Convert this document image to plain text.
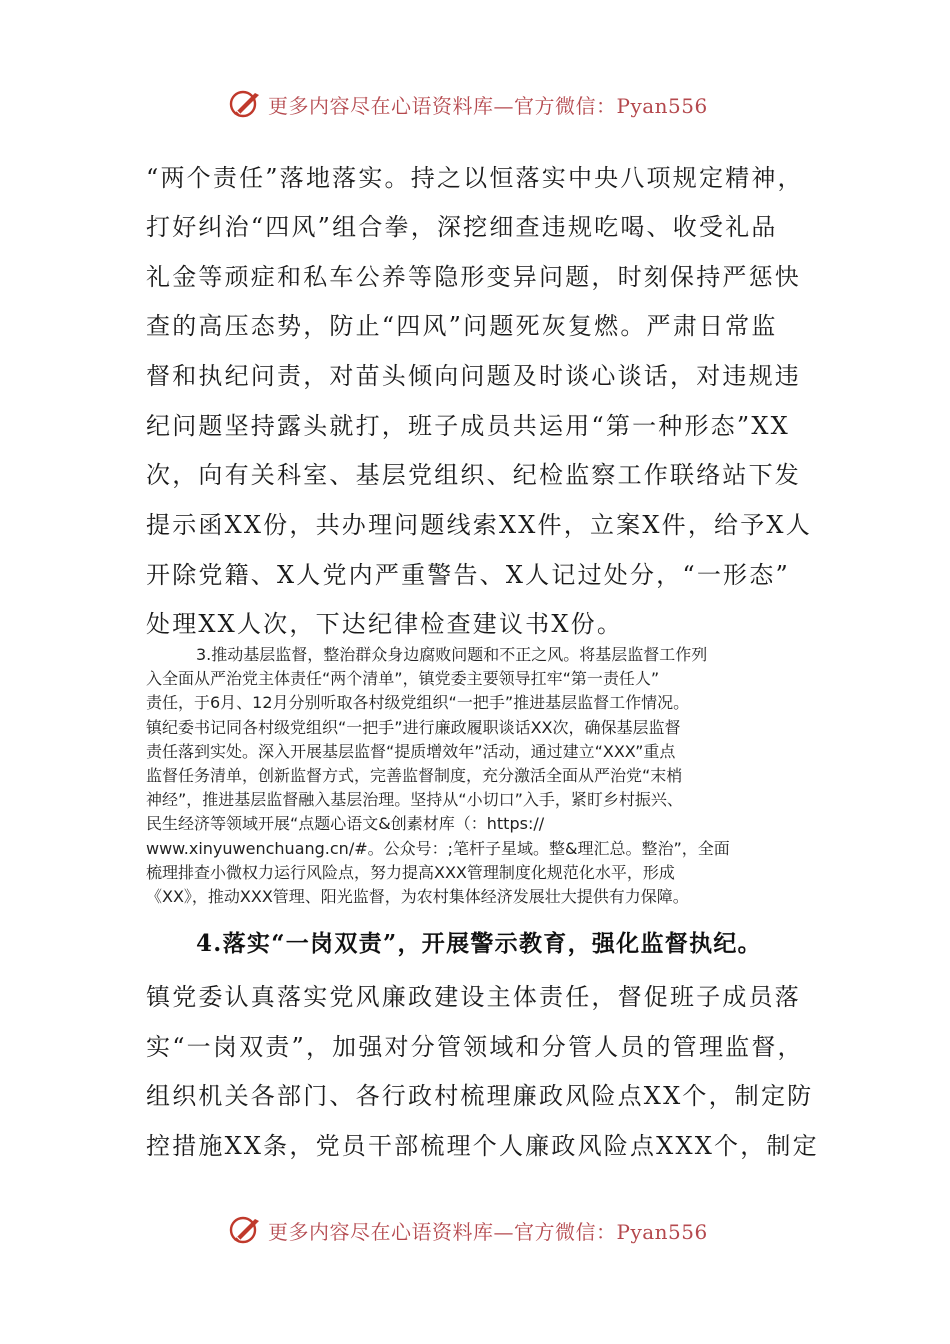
更多内容尽在心语资料库—官方微信：Pyan556
“两个责任”落地落实。持之以恒落实中央八项规定精神，
打好纠治“四风”组合拳，深挖细查违规吃喝、收受礼品
礼金等顽症和私车公养等隐形变异问题，时刻保持严惩快
查的高压态势，防止“四风”问题死灰复燃。严肃日常监
督和执纪问责，对苗头倾向问题及时谈心谈话，对违规违
纪问题坚持露头就打，班子成员共运用“第一种形态”XX
次，向有关科室、基层党组织、纪检监察工作联络站下发
提示函XX份，共办理问题线索XX件，立案X件，给予X人
开除党籍、X人党内严重警告、X人记过处分，“一形态”
处理XX人次，下达纪律检查建议书X份。

3.推动基层监督，整治群众身边腐败问题和不正之风。将基层监督工作列

入全面从严治党主体责任“两个清单”，镇党委主要领导扛牢“第一责任人”

责任，于6月、12月分别听取各村级党组织“一把手”推进基层监督工作情况。

镇纪委书记同各村级党组织“一把手”进行廉政履职谈话XX次，确保基层监督

责任落到实处。深入开展基层监督“提质增效年”活动，通过建立“XXX”重点

监督任务清单，创新监督方式，完善监督制度，充分激活全面从严治党“末梢

神经”，推进基层监督融入基层治理。坚持从“小切口”入手，紧盯乡村振兴、

民生经济等领域开展“点题心语文&创素材库（：https://

www.xinyuwenchuang.cn/#。公众号：;笔杆子星域。整&理汇总。整治”，全面

梳理排查小微权力运行风险点，努力提高XXX管理制度化规范化水平，形成

《XX》，推动XXX管理、阳光监督，为农村集体经济发展壮大提供有力保障。

4.落实“一岗双责”，开展警示教育，强化监督执纪。
镇党委认真落实党风廉政建设主体责任，督促班子成员落
实“一岗双责”，加强对分管领域和分管人员的管理监督，
组织机关各部门、各行政村梳理廉政风险点XX个，制定防
控措施XX条，党员干部梳理个人廉政风险点XXX个，制定
更多内容尽在心语资料库—官方微信：Pyan556
